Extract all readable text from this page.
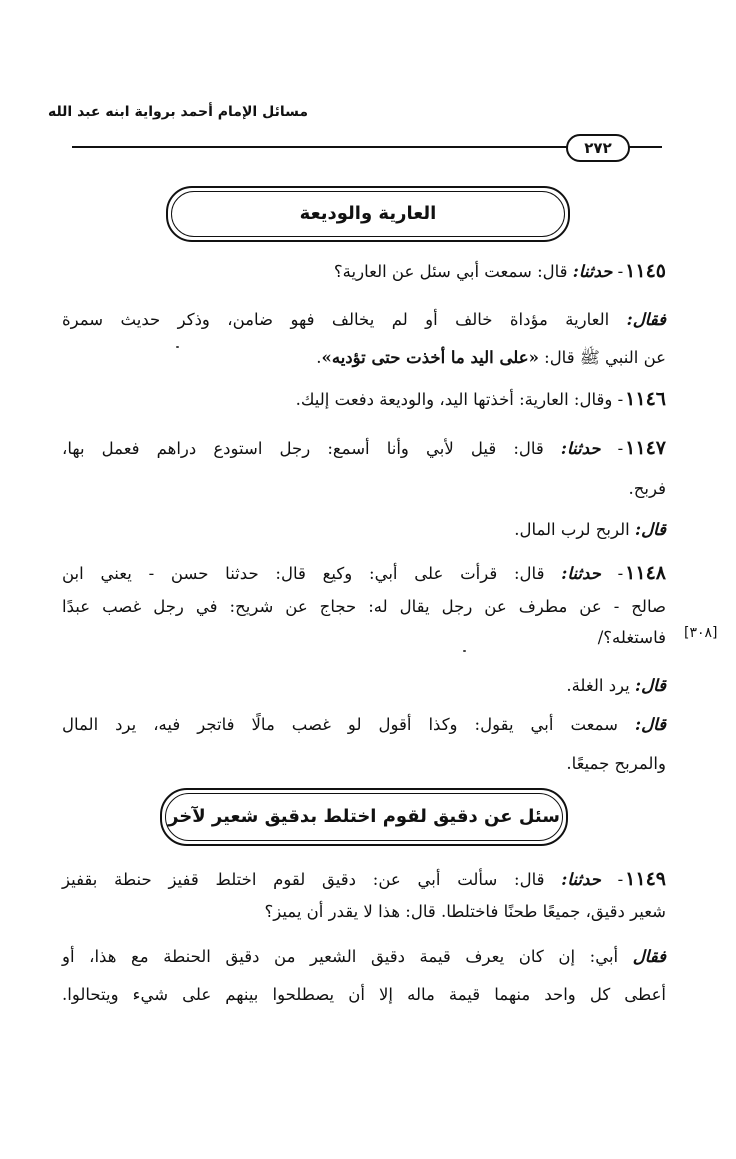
مسائل الإمام أحمد برواية ابنه عبد الله
٢٧٢
العارية والوديعة
١١٤٥- حدثنا: قال: سمعت أبي سئل عن العارية؟
فقال: العارية مؤداة خالف أو لم يخالف فهو ضامن، وذكر حديث سمرة
عن النبي ﷺ قال: «على اليد ما أخذت حتى تؤديه».
١١٤٦- وقال: العارية: أخذتها اليد، والوديعة دفعت إليك.
١١٤٧- حدثنا: قال: قيل لأبي وأنا أسمع: رجل استودع دراهم فعمل بها،
فربح.
قال: الربح لرب المال.
١١٤٨- حدثنا: قال: قرأت على أبي: وكيع قال: حدثنا حسن - يعني ابن
صالح - عن مطرف عن رجل يقال له: حجاج عن شريح: في رجل غصب عبدًا
فاستغله؟/ [٣٠٨]
قال: يرد الغلة.
قال: سمعت أبي يقول: وكذا أقول لو غصب مالًا فاتجر فيه، يرد المال
والمربح جميعًا.
سئل عن دقيق لقوم اختلط بدقيق شعير لآخر
١١٤٩- حدثنا: قال: سألت أبي عن: دقيق لقوم اختلط قفيز حنطة بقفيز
شعير دقيق، جميعًا طحنًا فاختلطا. قال: هذا لا يقدر أن يميز؟
فقال أبي: إن كان يعرف قيمة دقيق الشعير من دقيق الحنطة مع هذا، أو
أعطى كل واحد منهما قيمة ماله إلا أن يصطلحوا بينهم على شيء ويتحالوا.
